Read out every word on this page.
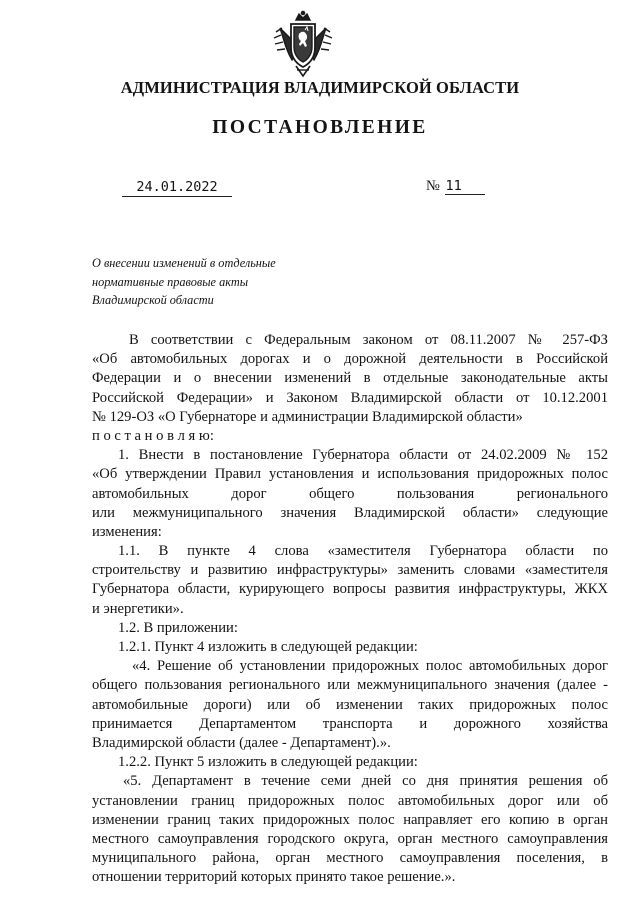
АДМИНИСТРАЦИЯ ВЛАДИМИРСКОЙ ОБЛАСТИ
ПОСТАНОВЛЕНИЕ
24.01.2022	№ 11
О внесении изменений в отдельные
нормативные правовые акты
Владимирской области
В соответствии с Федеральным законом от 08.11.2007 № 257-ФЗ
«Об автомобильных дорогах и о дорожной деятельности в Российской
Федерации и о внесении изменений в отдельные законодательные акты
Российской Федерации» и Законом Владимирской области от 10.12.2001
№ 129-ОЗ «О Губернаторе и администрации Владимирской области»
п о с т а н о в л я ю:
1. Внести в постановление Губернатора области от 24.02.2009 № 152
«Об утверждении Правил установления и использования придорожных полос
автомобильных дорог общего пользования регионального
или межмуниципального значения Владимирской области» следующие
изменения:
1.1. В пункте 4 слова «заместителя Губернатора области по
строительству и развитию инфраструктуры» заменить словами «заместителя
Губернатора области, курирующего вопросы развития инфраструктуры, ЖКХ
и энергетики».
1.2. В приложении:
1.2.1. Пункт 4 изложить в следующей редакции:
«4. Решение об установлении придорожных полос автомобильных дорог
общего пользования регионального или межмуниципального значения (далее -
автомобильные дороги) или об изменении таких придорожных полос
принимается Департаментом транспорта и дорожного хозяйства
Владимирской области (далее - Департамент).».
1.2.2. Пункт 5 изложить в следующей редакции:
«5. Департамент в течение семи дней со дня принятия решения об
установлении границ придорожных полос автомобильных дорог или об
изменении границ таких придорожных полос направляет его копию в орган
местного самоуправления городского округа, орган местного самоуправления
муниципального района, орган местного самоуправления поселения, в
отношении территорий которых принято такое решение.».
